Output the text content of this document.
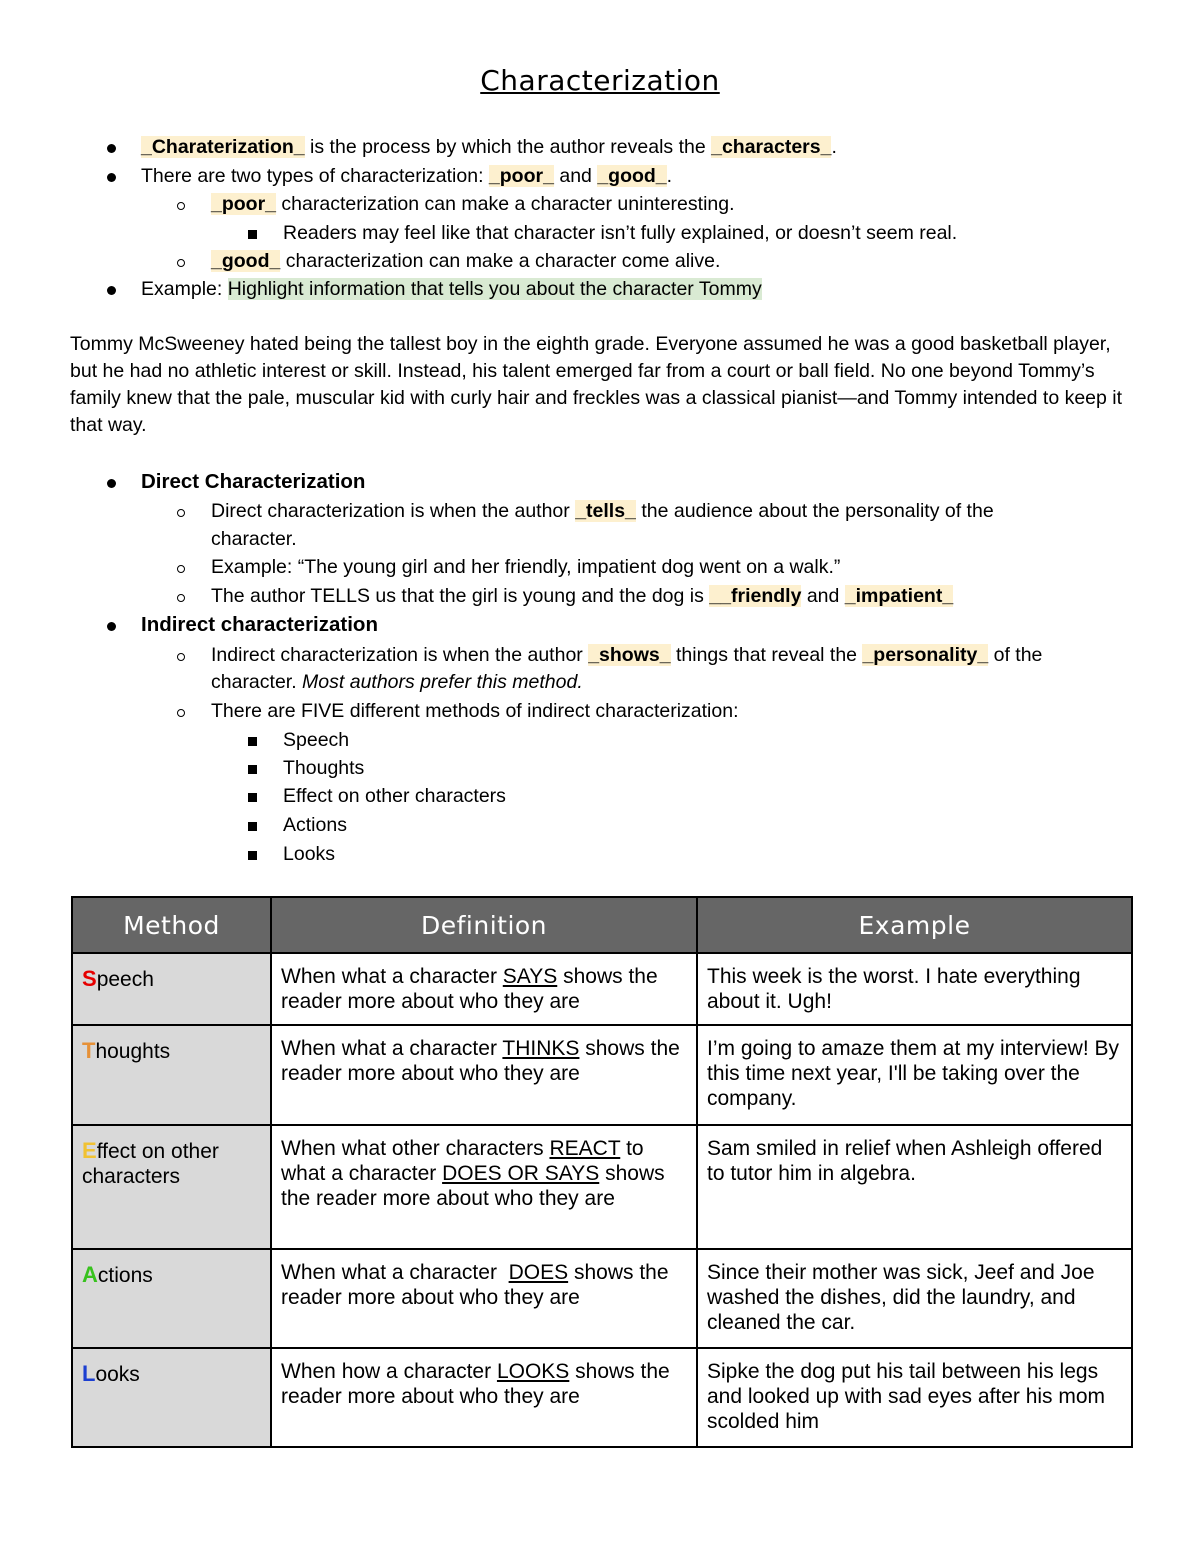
Characterization
_Charaterization_ is the process by which the author reveals the _characters_.
There are two types of characterization: _poor_ and _good_.
_poor_ characterization can make a character uninteresting.
Readers may feel like that character isn’t fully explained, or doesn’t seem real.
_good_ characterization can make a character come alive.
Example: Highlight information that tells you about the character Tommy
Tommy McSweeney hated being the tallest boy in the eighth grade. Everyone assumed he was a good basketball player, but he had no athletic interest or skill. Instead, his talent emerged far from a court or ball field. No one beyond Tommy’s family knew that the pale, muscular kid with curly hair and freckles was a classical pianist—and Tommy intended to keep it that way.
Direct Characterization
Direct characterization is when the author _tells_ the audience about the personality of the
character.
Example: “The young girl and her friendly, impatient dog went on a walk.”
The author TELLS us that the girl is young and the dog is __friendly and _impatient_
Indirect characterization
Indirect characterization is when the author _shows_ things that reveal the _personality_ of the
character. Most authors prefer this method.
There are FIVE different methods of indirect characterization:
Speech
Thoughts
Effect on other characters
Actions
Looks
Method	Definition	Example
Speech	When what a character SAYS shows the reader more about who they are	This week is the worst. I hate everything about it. Ugh!
Thoughts	When what a character THINKS shows the reader more about who they are	I’m going to amaze them at my interview! By this time next year, I'll be taking over the company.
Effect on other characters	When what other characters REACT to what a character DOES OR SAYS shows the reader more about who they are	Sam smiled in relief when Ashleigh offered to tutor him in algebra.
Actions	When what a character  DOES shows the reader more about who they are	Since their mother was sick, Jeef and Joe washed the dishes, did the laundry, and cleaned the car.
Looks	When how a character LOOKS shows the reader more about who they are	Sipke the dog put his tail between his legs and looked up with sad eyes after his mom scolded him
